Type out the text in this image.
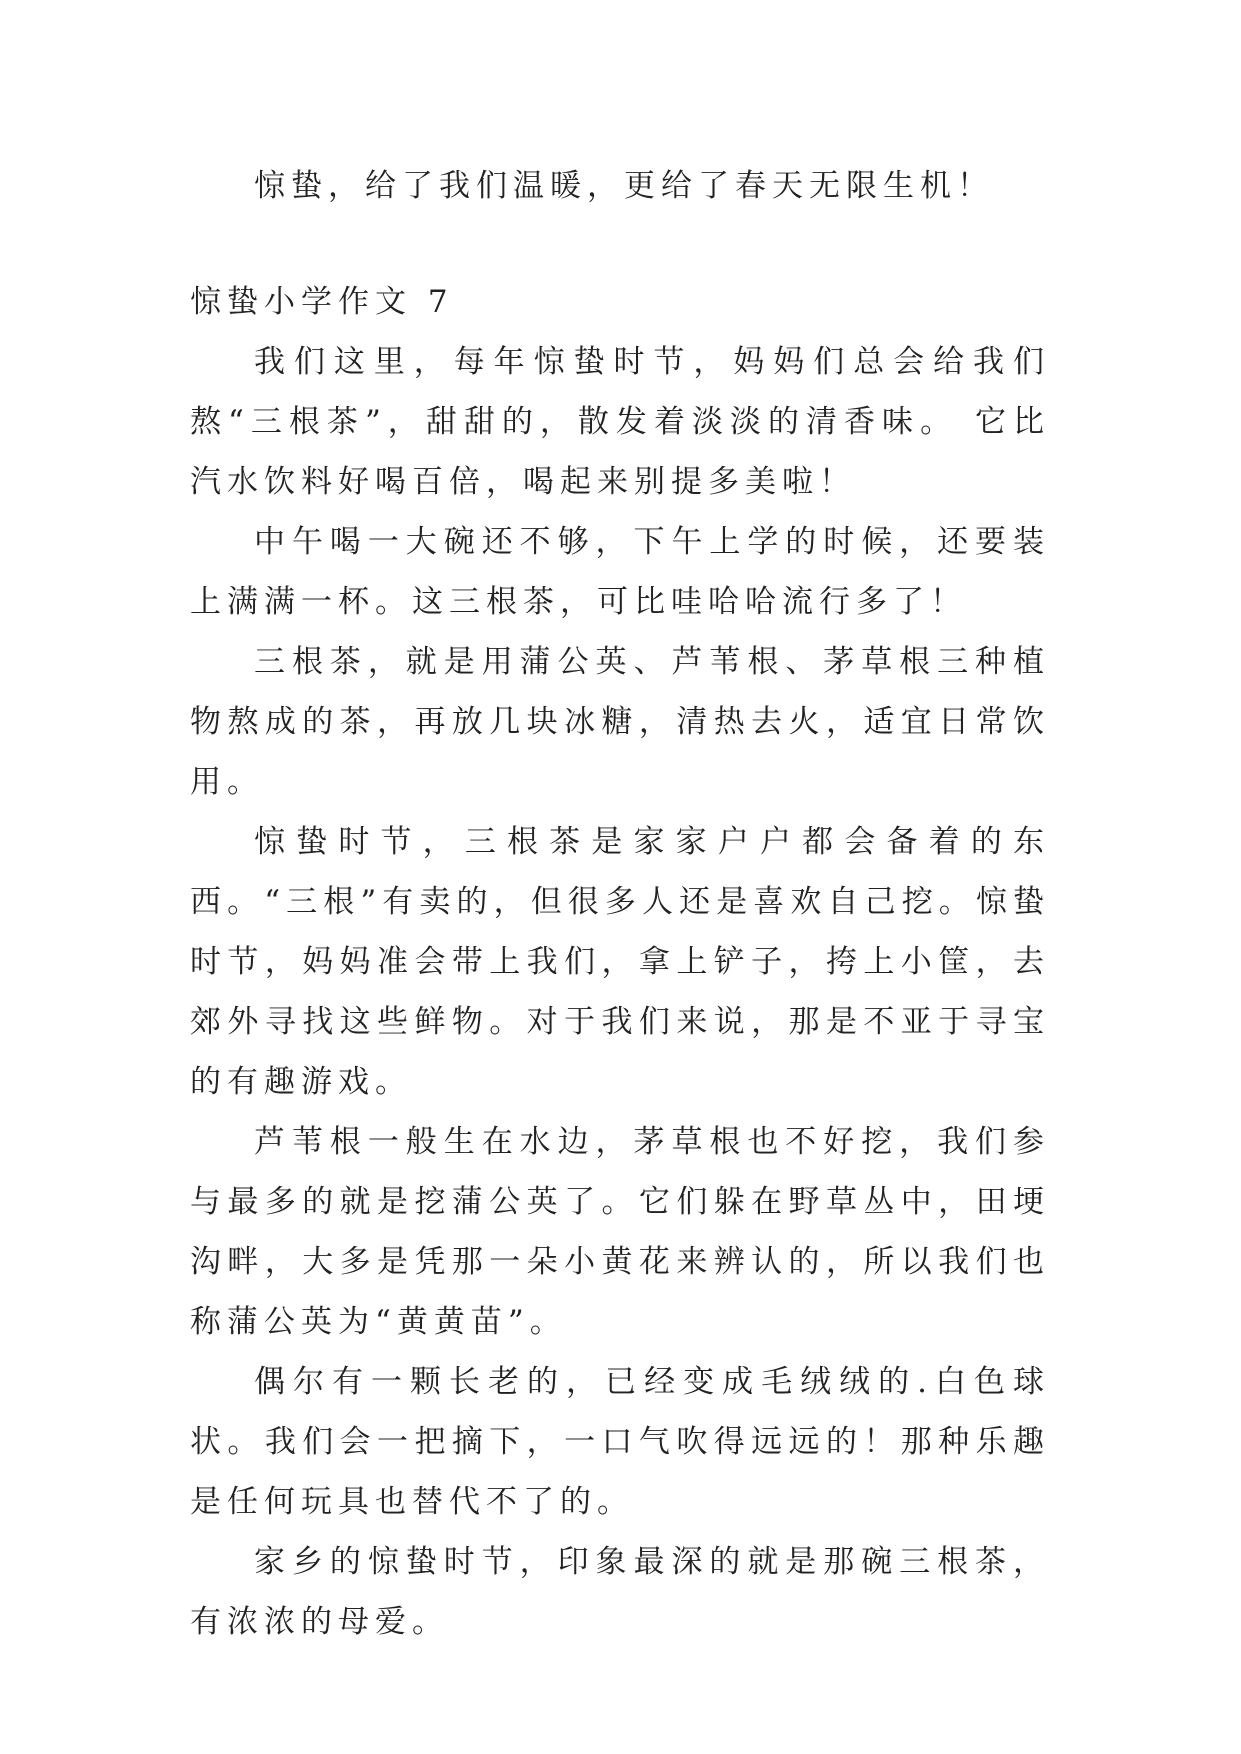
惊蛰，给了我们温暖，更给了春天无限生机！

惊蛰小学作文 7

我们这里，每年惊蛰时节，妈妈们总会给我们熬“三根茶”，甜甜的，散发着淡淡的清香味。 它比汽水饮料好喝百倍，喝起来别提多美啦！

中午喝一大碗还不够，下午上学的时候，还要装上满满一杯。这三根茶，可比哇哈哈流行多了！

三根茶，就是用蒲公英、芦苇根、茅草根三种植物熬成的茶，再放几块冰糖，清热去火，适宜日常饮用。

惊蛰时节，三根茶是家家户户都会备着的东西。“三根”有卖的，但很多人还是喜欢自己挖。惊蛰时节，妈妈准会带上我们，拿上铲子，挎上小筐，去郊外寻找这些鲜物。对于我们来说，那是不亚于寻宝的有趣游戏。

芦苇根一般生在水边，茅草根也不好挖，我们参与最多的就是挖蒲公英了。它们躲在野草丛中，田埂沟畔，大多是凭那一朵小黄花来辨认的，所以我们也称蒲公英为“黄黄苗”。

偶尔有一颗长老的，已经变成毛绒绒的.白色球状。我们会一把摘下，一口气吹得远远的！那种乐趣是任何玩具也替代不了的。

家乡的惊蛰时节，印象最深的就是那碗三根茶，有浓浓的母爱。
